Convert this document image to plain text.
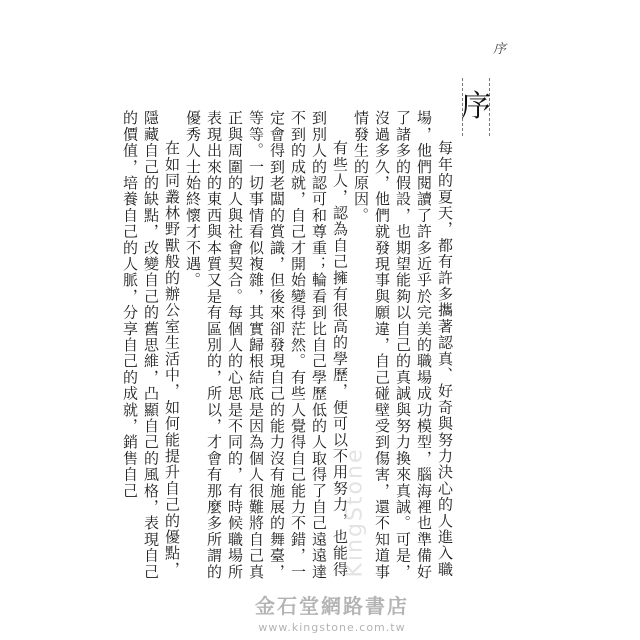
序
序

每年的夏天，都有許多攜著認真、好奇與努力決心的人進入職場，他們閱讀了許多近乎於完美的職場成功模型，腦海裡也準備好了諸多的假設，也期望能夠以自己的真誠與努力換來真誠。可是，沒過多久，他們就發現事與願違，自己碰壁受到傷害，還不知道事情發生的原因。

有些人，認為自己擁有很高的學歷，便可以不用努力，也能得到別人的認可和尊重；輪看到比自己學歷低的人取得了自己遠遠達不到的成就，自己才開始變得茫然。有些人覺得自己能力不錯，一定會得到老闆的賞識，但後來卻發現自己的能力沒有施展的舞臺，等等。一切事情看似複雜，其實歸根結底是因為個人很難將自己真正與周圍的人與社會契合。每個人的心思是不同的，有時候職場所表現出來的東西與本質又是有區別的，所以，才會有那麼多所謂的優秀人士始終懷才不遇。

在如同叢林野獸般的辦公室生活中，如何能提升自己的優點，隱藏自己的缺點，改變自己的舊思維，凸顯自己的風格，表現自己的價值，培養自己的人脈，分享自己的成就，銷售自己

KingStone
金石堂網路書店
www.kingstone.com.tw
